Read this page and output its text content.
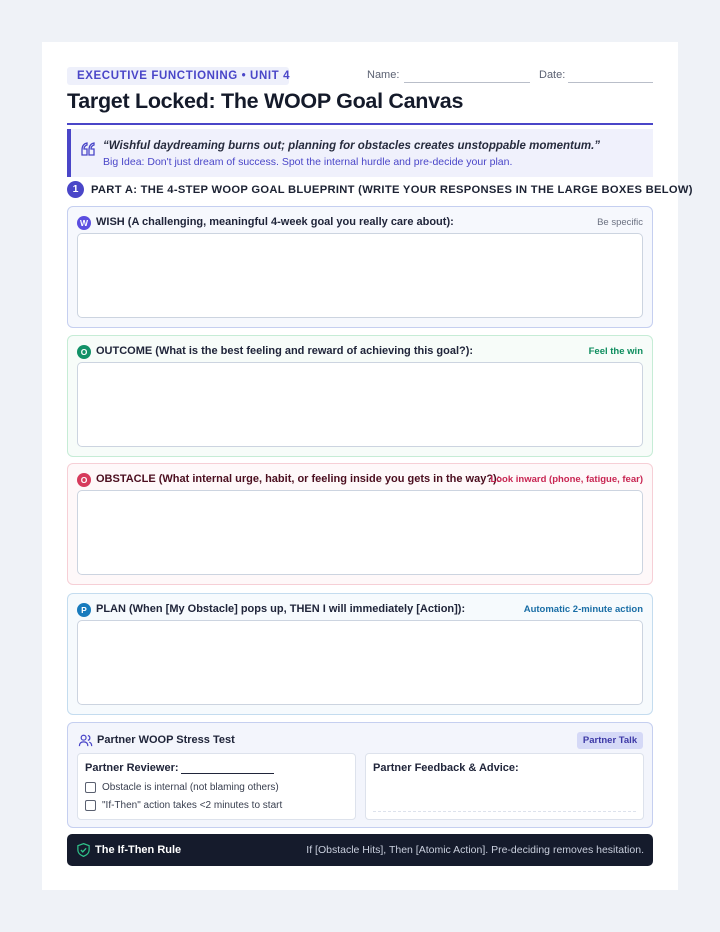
EXECUTIVE FUNCTIONING • UNIT 4	Name:	Date:
Target Locked: The WOOP Goal Canvas
“Wishful daydreaming burns out; planning for obstacles creates unstoppable momentum.”
Big Idea: Don't just dream of success. Spot the internal hurdle and pre-decide your plan.
1	PART A: THE 4-STEP WOOP GOAL BLUEPRINT (WRITE YOUR RESPONSES IN THE LARGE BOXES BELOW)
W WISH (A challenging, meaningful 4-week goal you really care about):	Be specific
O OUTCOME (What is the best feeling and reward of achieving this goal?):	Feel the win
O OBSTACLE (What internal urge, habit, or feeling inside you gets in the way?):
Look inward (phone, fatigue, fear)
P PLAN (When [My Obstacle] pops up, THEN I will immediately [Action]):	Automatic 2-minute action
Partner WOOP Stress Test	Partner Talk
Partner Reviewer:
Obstacle is internal (not blaming others)
"If-Then" action takes <2 minutes to start
Partner Feedback & Advice:
The If-Then Rule	If [Obstacle Hits], Then [Atomic Action]. Pre-deciding removes hesitation.
